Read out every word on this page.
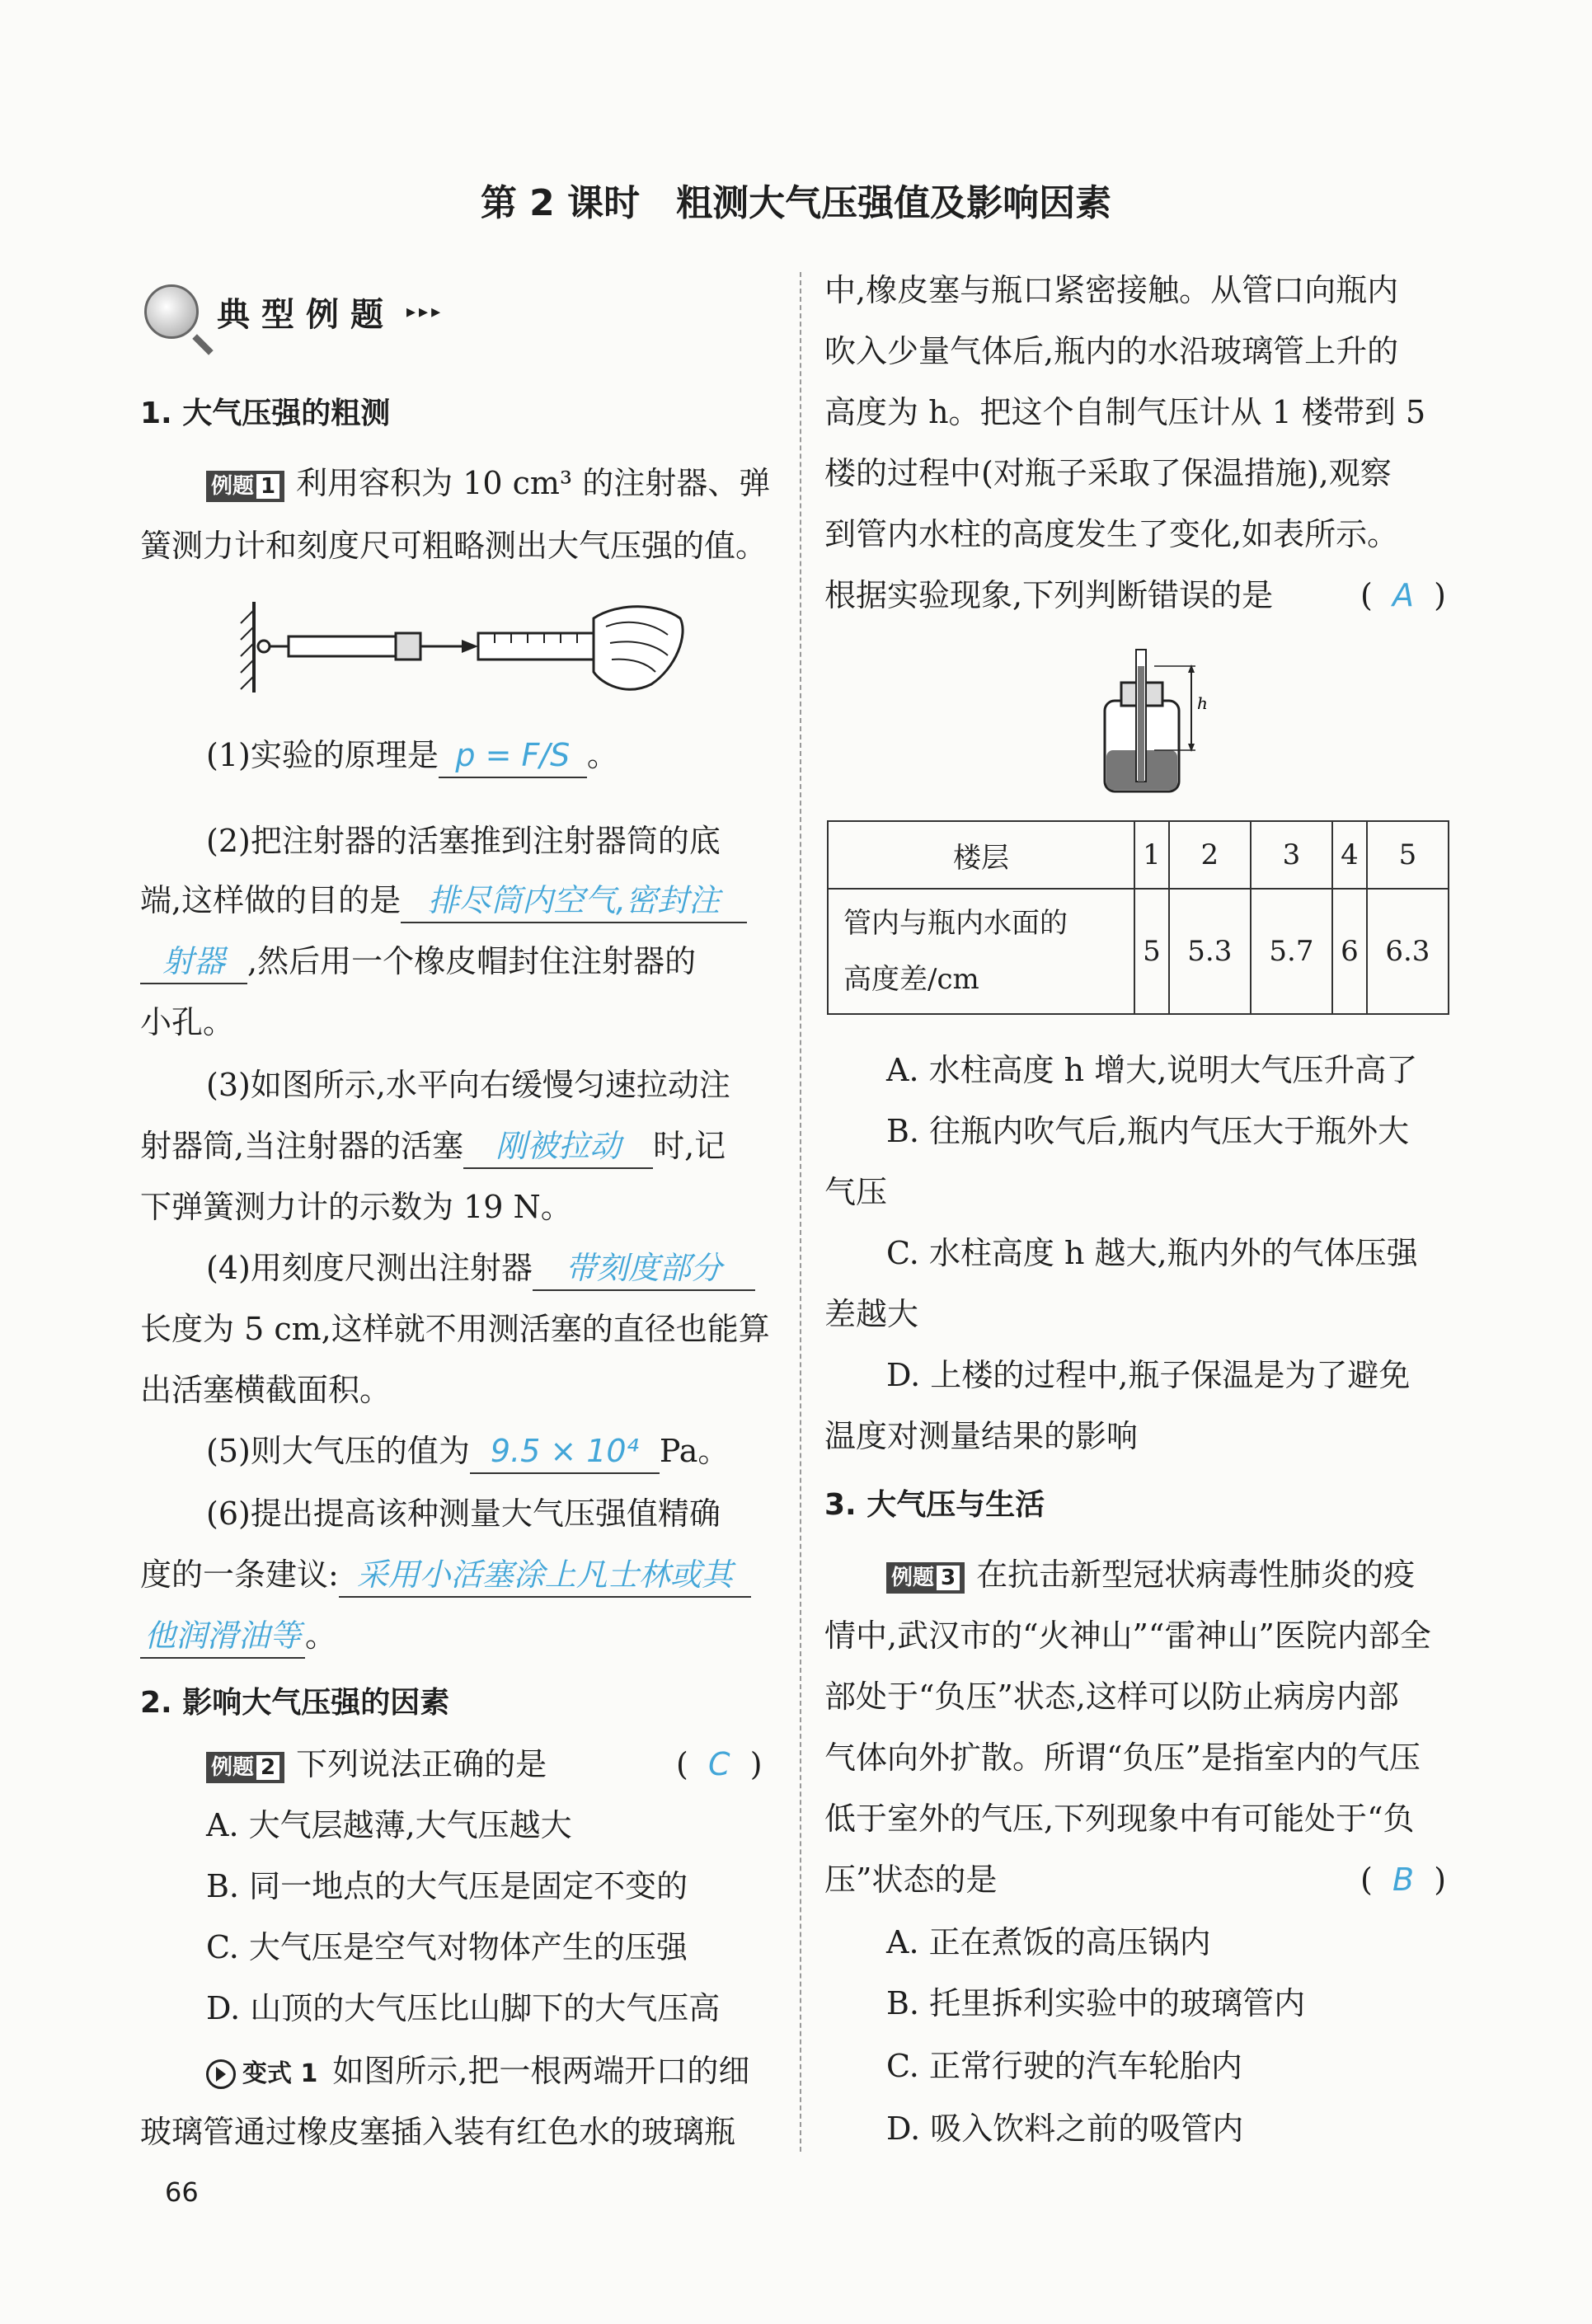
第 2 课时　粗测大气压强值及影响因素
典型例题 ▸▸▸
1. 大气压强的粗测
例题 1 利用容积为 10 cm³ 的注射器、弹
簧测力计和刻度尺可粗略测出大气压强的值。
(1)实验的原理是 p = F/S 。
(2)把注射器的活塞推到注射器筒的底
端,这样做的目的是 排尽筒内空气,密封注
射器 ,然后用一个橡皮帽封住注射器的
小孔。
(3)如图所示,水平向右缓慢匀速拉动注
射器筒,当注射器的活塞 刚被拉动 时,记
下弹簧测力计的示数为 19 N。
(4)用刻度尺测出注射器 带刻度部分
长度为 5 cm,这样就不用测活塞的直径也能算
出活塞横截面积。
(5)则大气压的值为 9.5 × 10⁴ Pa。
(6)提出提高该种测量大气压强值精确
度的一条建议: 采用小活塞涂上凡士林或其
他润滑油等 。
2. 影响大气压强的因素
例题 2 下列说法正确的是	(  C  )
A. 大气层越薄,大气压越大
B. 同一地点的大气压是固定不变的
C. 大气压是空气对物体产生的压强
D. 山顶的大气压比山脚下的大气压高
变式 1 如图所示,把一根两端开口的细
玻璃管通过橡皮塞插入装有红色水的玻璃瓶
66
中,橡皮塞与瓶口紧密接触。从管口向瓶内
吹入少量气体后,瓶内的水沿玻璃管上升的
高度为 h。把这个自制气压计从 1 楼带到 5
楼的过程中(对瓶子采取了保温措施),观察
到管内水柱的高度发生了变化,如表所示。
根据实验现象,下列判断错误的是	(  A  )
h
楼层	1	2	3	4	5

管内与瓶内水面的
高度差/cm	5	5.3	5.7	6	6.3
A. 水柱高度 h 增大,说明大气压升高了
B. 往瓶内吹气后,瓶内气压大于瓶外大
气压
C. 水柱高度 h 越大,瓶内外的气体压强
差越大
D. 上楼的过程中,瓶子保温是为了避免
温度对测量结果的影响
3. 大气压与生活
例题 3 在抗击新型冠状病毒性肺炎的疫
情中,武汉市的“火神山”“雷神山”医院内部全
部处于“负压”状态,这样可以防止病房内部
气体向外扩散。所谓“负压”是指室内的气压
低于室外的气压,下列现象中有可能处于“负
压”状态的是	(  B  )
A. 正在煮饭的高压锅内
B. 托里拆利实验中的玻璃管内
C. 正常行驶的汽车轮胎内
D. 吸入饮料之前的吸管内
